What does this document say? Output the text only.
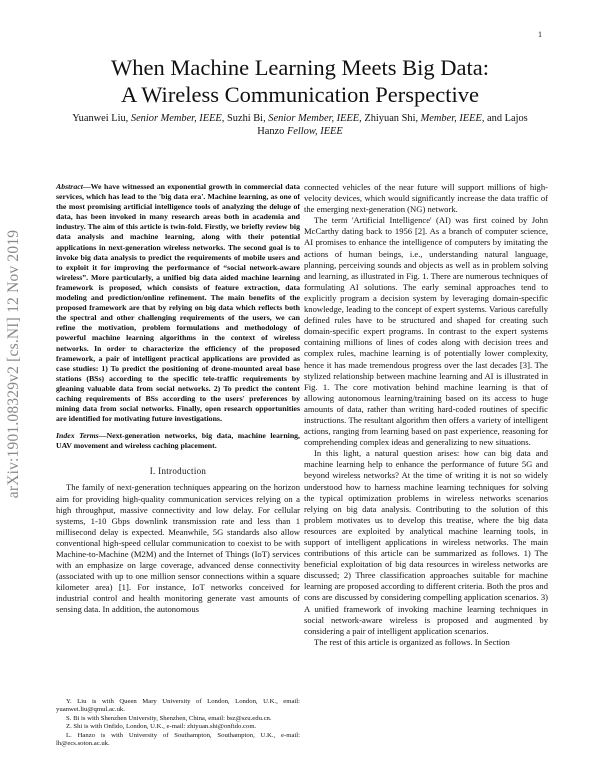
1
arXiv:1901.08329v2 [cs.NI] 12 Nov 2019
When Machine Learning Meets Big Data:
A Wireless Communication Perspective
Yuanwei Liu, Senior Member, IEEE, Suzhi Bi, Senior Member, IEEE, Zhiyuan Shi, Member, IEEE, and Lajos Hanzo Fellow, IEEE

Abstract—We have witnessed an exponential growth in commercial data services, which has lead to the 'big data era'. Machine learning, as one of the most promising artificial intelligence tools of analyzing the deluge of data, has been invoked in many research areas both in academia and industry. The aim of this article is twin-fold. Firstly, we briefly review big data analysis and machine learning, along with their potential applications in next-generation wireless networks. The second goal is to invoke big data analysis to predict the requirements of mobile users and to exploit it for improving the performance of “social network-aware wireless”. More particularly, a unified big data aided machine learning framework is proposed, which consists of feature extraction, data modeling and prediction/online refinement. The main benefits of the proposed framework are that by relying on big data which reflects both the spectral and other challenging requirements of the users, we can refine the motivation, problem formulations and methodology of powerful machine learning algorithms in the context of wireless networks. In order to characterize the efficiency of the proposed framework, a pair of intelligent practical applications are provided as case studies: 1) To predict the positioning of drone-mounted areal base stations (BSs) according to the specific tele-traffic requirements by gleaning valuable data from social networks. 2) To predict the content caching requirements of BSs according to the users' preferences by mining data from social networks. Finally, open research opportunities are identified for motivating future investigations.

Index Terms—Next-generation networks, big data, machine learning, UAV movement and wireless caching placement.

I. Introduction

The family of next-generation techniques appearing on the horizon aim for providing high-quality communication services relying on a high throughput, massive connectivity and low delay. For cellular systems, 1-10 Gbps downlink transmission rate and less than 1 millisecond delay is expected. Meanwhile, 5G standards also allow conventional high-speed cellular communication to coexist to be with Machine-to-Machine (M2M) and the Internet of Things (IoT) services with an emphasize on large coverage, advanced dense connectivity (associated with up to one million sensor connections within a square kilometer area) [1]. For instance, IoT networks conceived for industrial control and health monitoring generate vast amounts of sensing data. In addition, the autonomous

Y. Liu is with Queen Mary University of London, London, U.K., email: yuanwei.liu@qmul.ac.uk.

S. Bi is with Shenzhen University, Shenzhen, China, email: bsz@szu.edu.cn.

Z. Shi is with Onfido, London, U.K., e-mail: zhiyuan.shi@onfido.com.

L. Hanzo is with University of Southampton, Southampton, U.K., e-mail: lh@ecs.soton.ac.uk.

connected vehicles of the near future will support millions of high-velocity devices, which would significantly increase the data traffic of the emerging next-generation (NG) network.

The term 'Artificial Intelligence' (AI) was first coined by John McCarthy dating back to 1956 [2]. As a branch of computer science, AI promises to enhance the intelligence of computers by imitating the actions of human beings, i.e., understanding natural language, planning, perceiving sounds and objects as well as in problem solving and learning, as illustrated in Fig. 1. There are numerous techniques of formulating AI solutions. The early seminal approaches tend to explicitly program a decision system by leveraging domain-specific knowledge, leading to the concept of expert systems. Various carefully defined rules have to be structured and shaped for creating such domain-specific expert programs. In contrast to the expert systems containing millions of lines of codes along with decision trees and complex rules, machine learning is of potentially lower complexity, hence it has made tremendous progress over the last decades [3]. The stylized relationship between machine learning and AI is illustrated in Fig. 1. The core motivation behind machine learning is that of allowing autonomous learning/training based on its access to huge amounts of data, rather than writing hard-coded routines of specific instructions. The resultant algorithm then offers a variety of intelligent actions, ranging from learning based on past experience, reasoning for comprehending complex ideas and generalizing to new situations.

In this light, a natural question arises: how can big data and machine learning help to enhance the performance of future 5G and beyond wireless networks? At the time of writing it is not so widely understood how to harness machine learning techniques for solving the typical optimization problems in wireless networks scenarios relying on big data analysis. Contributing to the solution of this problem motivates us to develop this treatise, where the big data resources are exploited by analytical machine learning tools, in support of intelligent applications in wireless networks. The main contributions of this article can be summarized as follows. 1) The beneficial exploitation of big data resources in wireless networks are discussed; 2) Three classification approaches suitable for machine learning are proposed according to different criteria. Both the pros and cons are discussed by considering compelling application scenarios. 3) A unified framework of invoking machine learning techniques in social network-aware wireless is proposed and augmented by considering a pair of intelligent application scenarios.

The rest of this article is organized as follows. In Section
